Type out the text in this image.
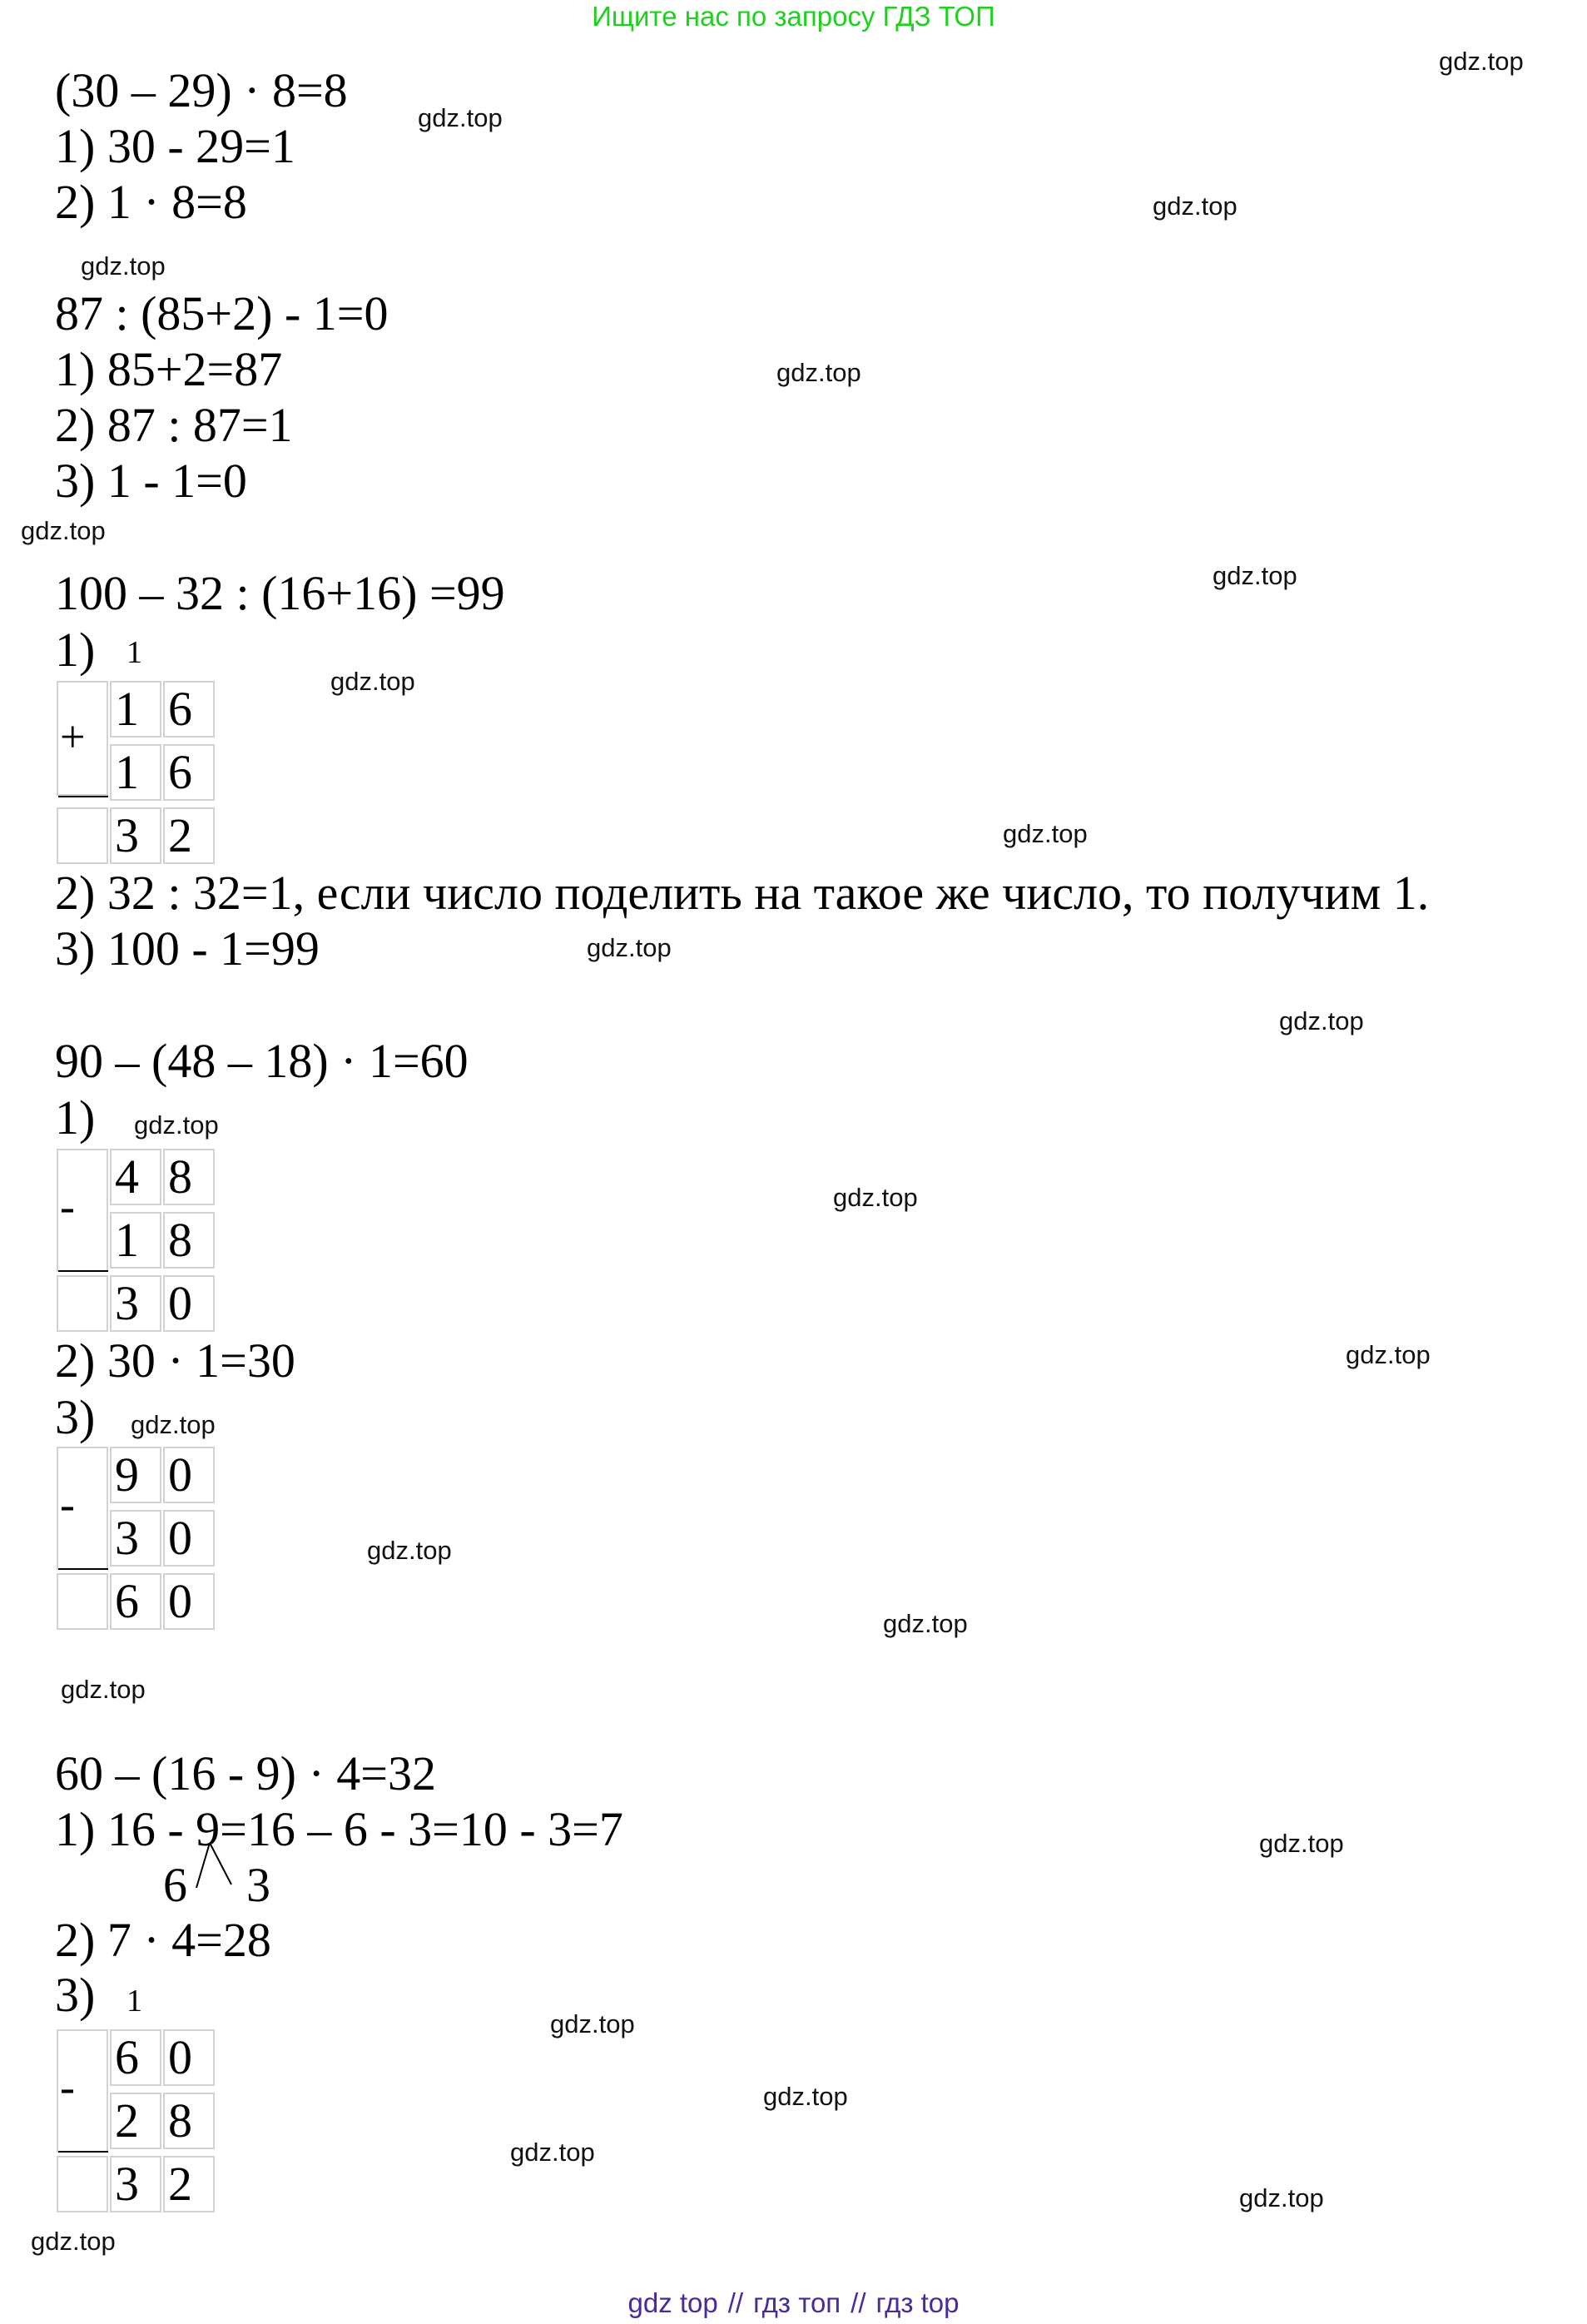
Ищите нас по запросу ГДЗ ТОП
gdz.top
gdz.top
gdz.top
gdz.top
gdz.top
gdz.top
gdz.top
gdz.top
gdz.top
gdz.top
gdz.top
gdz.top
gdz.top
gdz.top
gdz.top
gdz.top
gdz.top
gdz.top
gdz.top
gdz.top
gdz.top
gdz.top
gdz.top
gdz.top
(30 – 29) · 8=8
1) 30 - 29=1
2) 1 · 8=8
87 : (85+2) - 1=0
1) 85+2=87
2) 87 : 87=1
3) 1 - 1=0
100 – 32 : (16+16) =99
1) 1
+
1 6
1 6
3 2
2) 32 : 32=1, если число поделить на такое же число, то получим 1.
3) 100 - 1=99
90 – (48 – 18) · 1=60
1)
-
4 8
1 8
3 0
2) 30 · 1=30
3)
-
9 0
3 0
6 0
60 – (16 - 9) · 4=32
1) 16 - 9=16 – 6 - 3=10 - 3=7
6 3
2) 7 · 4=28
3) 1
-
6 0
2 8
3 2
gdz top // гдз топ // гдз top
